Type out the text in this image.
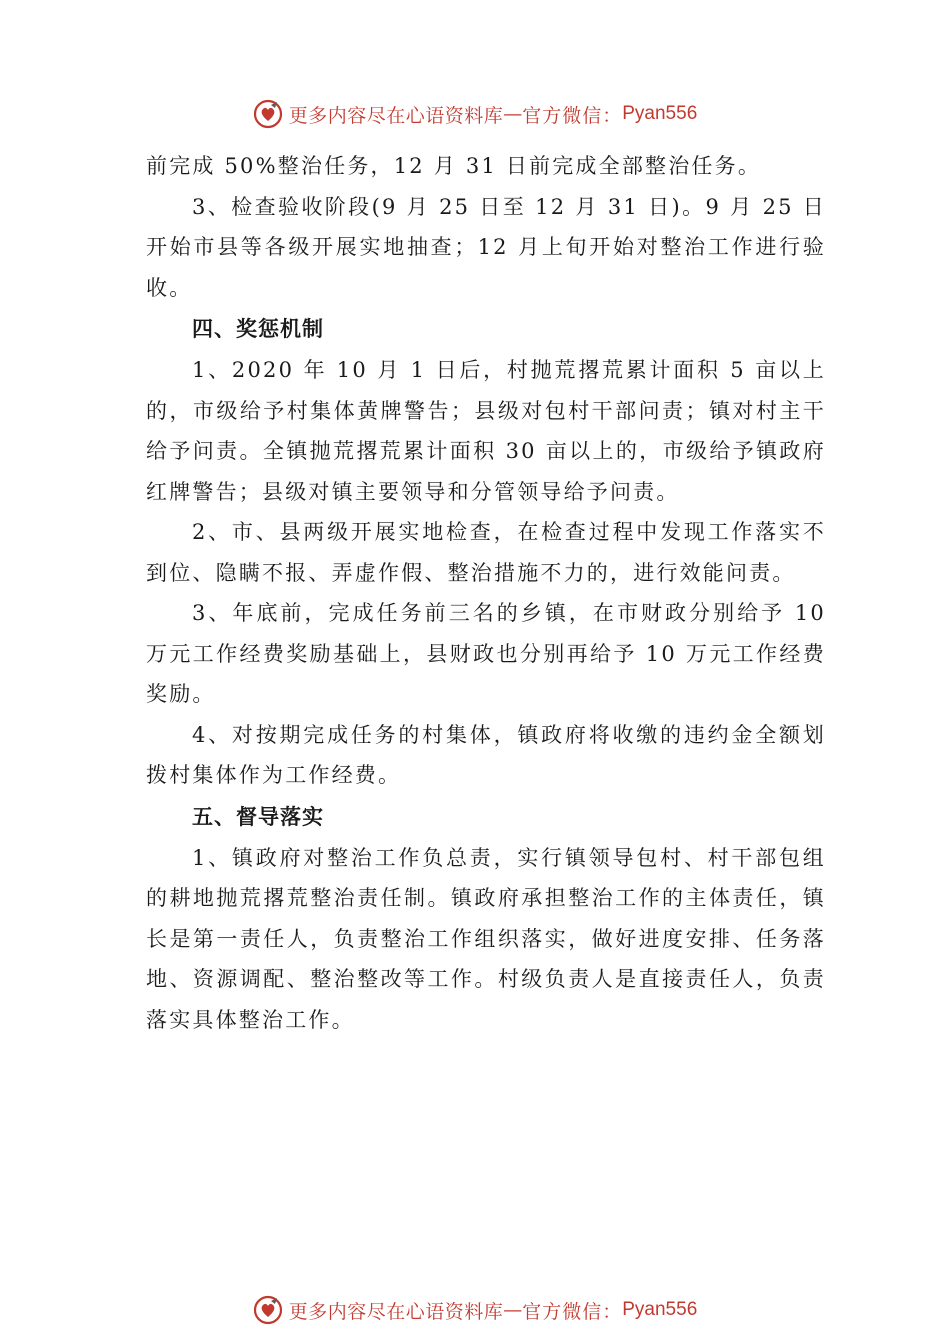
更多内容尽在心语资料库 — 官方微信： Pyan556

前完成 50%整治任务，12 月 31 日前完成全部整治任务。

3、检查验收阶段(9 月 25 日至 12 月 31 日)。9 月 25 日开始市县等各级开展实地抽查；12 月上旬开始对整治工作进行验收。

四、奖惩机制

1、2020 年 10 月 1 日后，村抛荒撂荒累计面积 5 亩以上的，市级给予村集体黄牌警告；县级对包村干部问责；镇对村主干给予问责。全镇抛荒撂荒累计面积 30 亩以上的，市级给予镇政府红牌警告；县级对镇主要领导和分管领导给予问责。

2、市、县两级开展实地检查，在检查过程中发现工作落实不到位、隐瞒不报、弄虚作假、整治措施不力的，进行效能问责。

3、年底前，完成任务前三名的乡镇，在市财政分别给予 10 万元工作经费奖励基础上，县财政也分别再给予 10 万元工作经费奖励。

4、对按期完成任务的村集体，镇政府将收缴的违约金全额划拨村集体作为工作经费。

五、督导落实

1、镇政府对整治工作负总责，实行镇领导包村、村干部包组的耕地抛荒撂荒整治责任制。镇政府承担整治工作的主体责任，镇长是第一责任人，负责整治工作组织落实，做好进度安排、任务落地、资源调配、整治整改等工作。村级负责人是直接责任人，负责落实具体整治工作。

更多内容尽在心语资料库 — 官方微信： Pyan556
